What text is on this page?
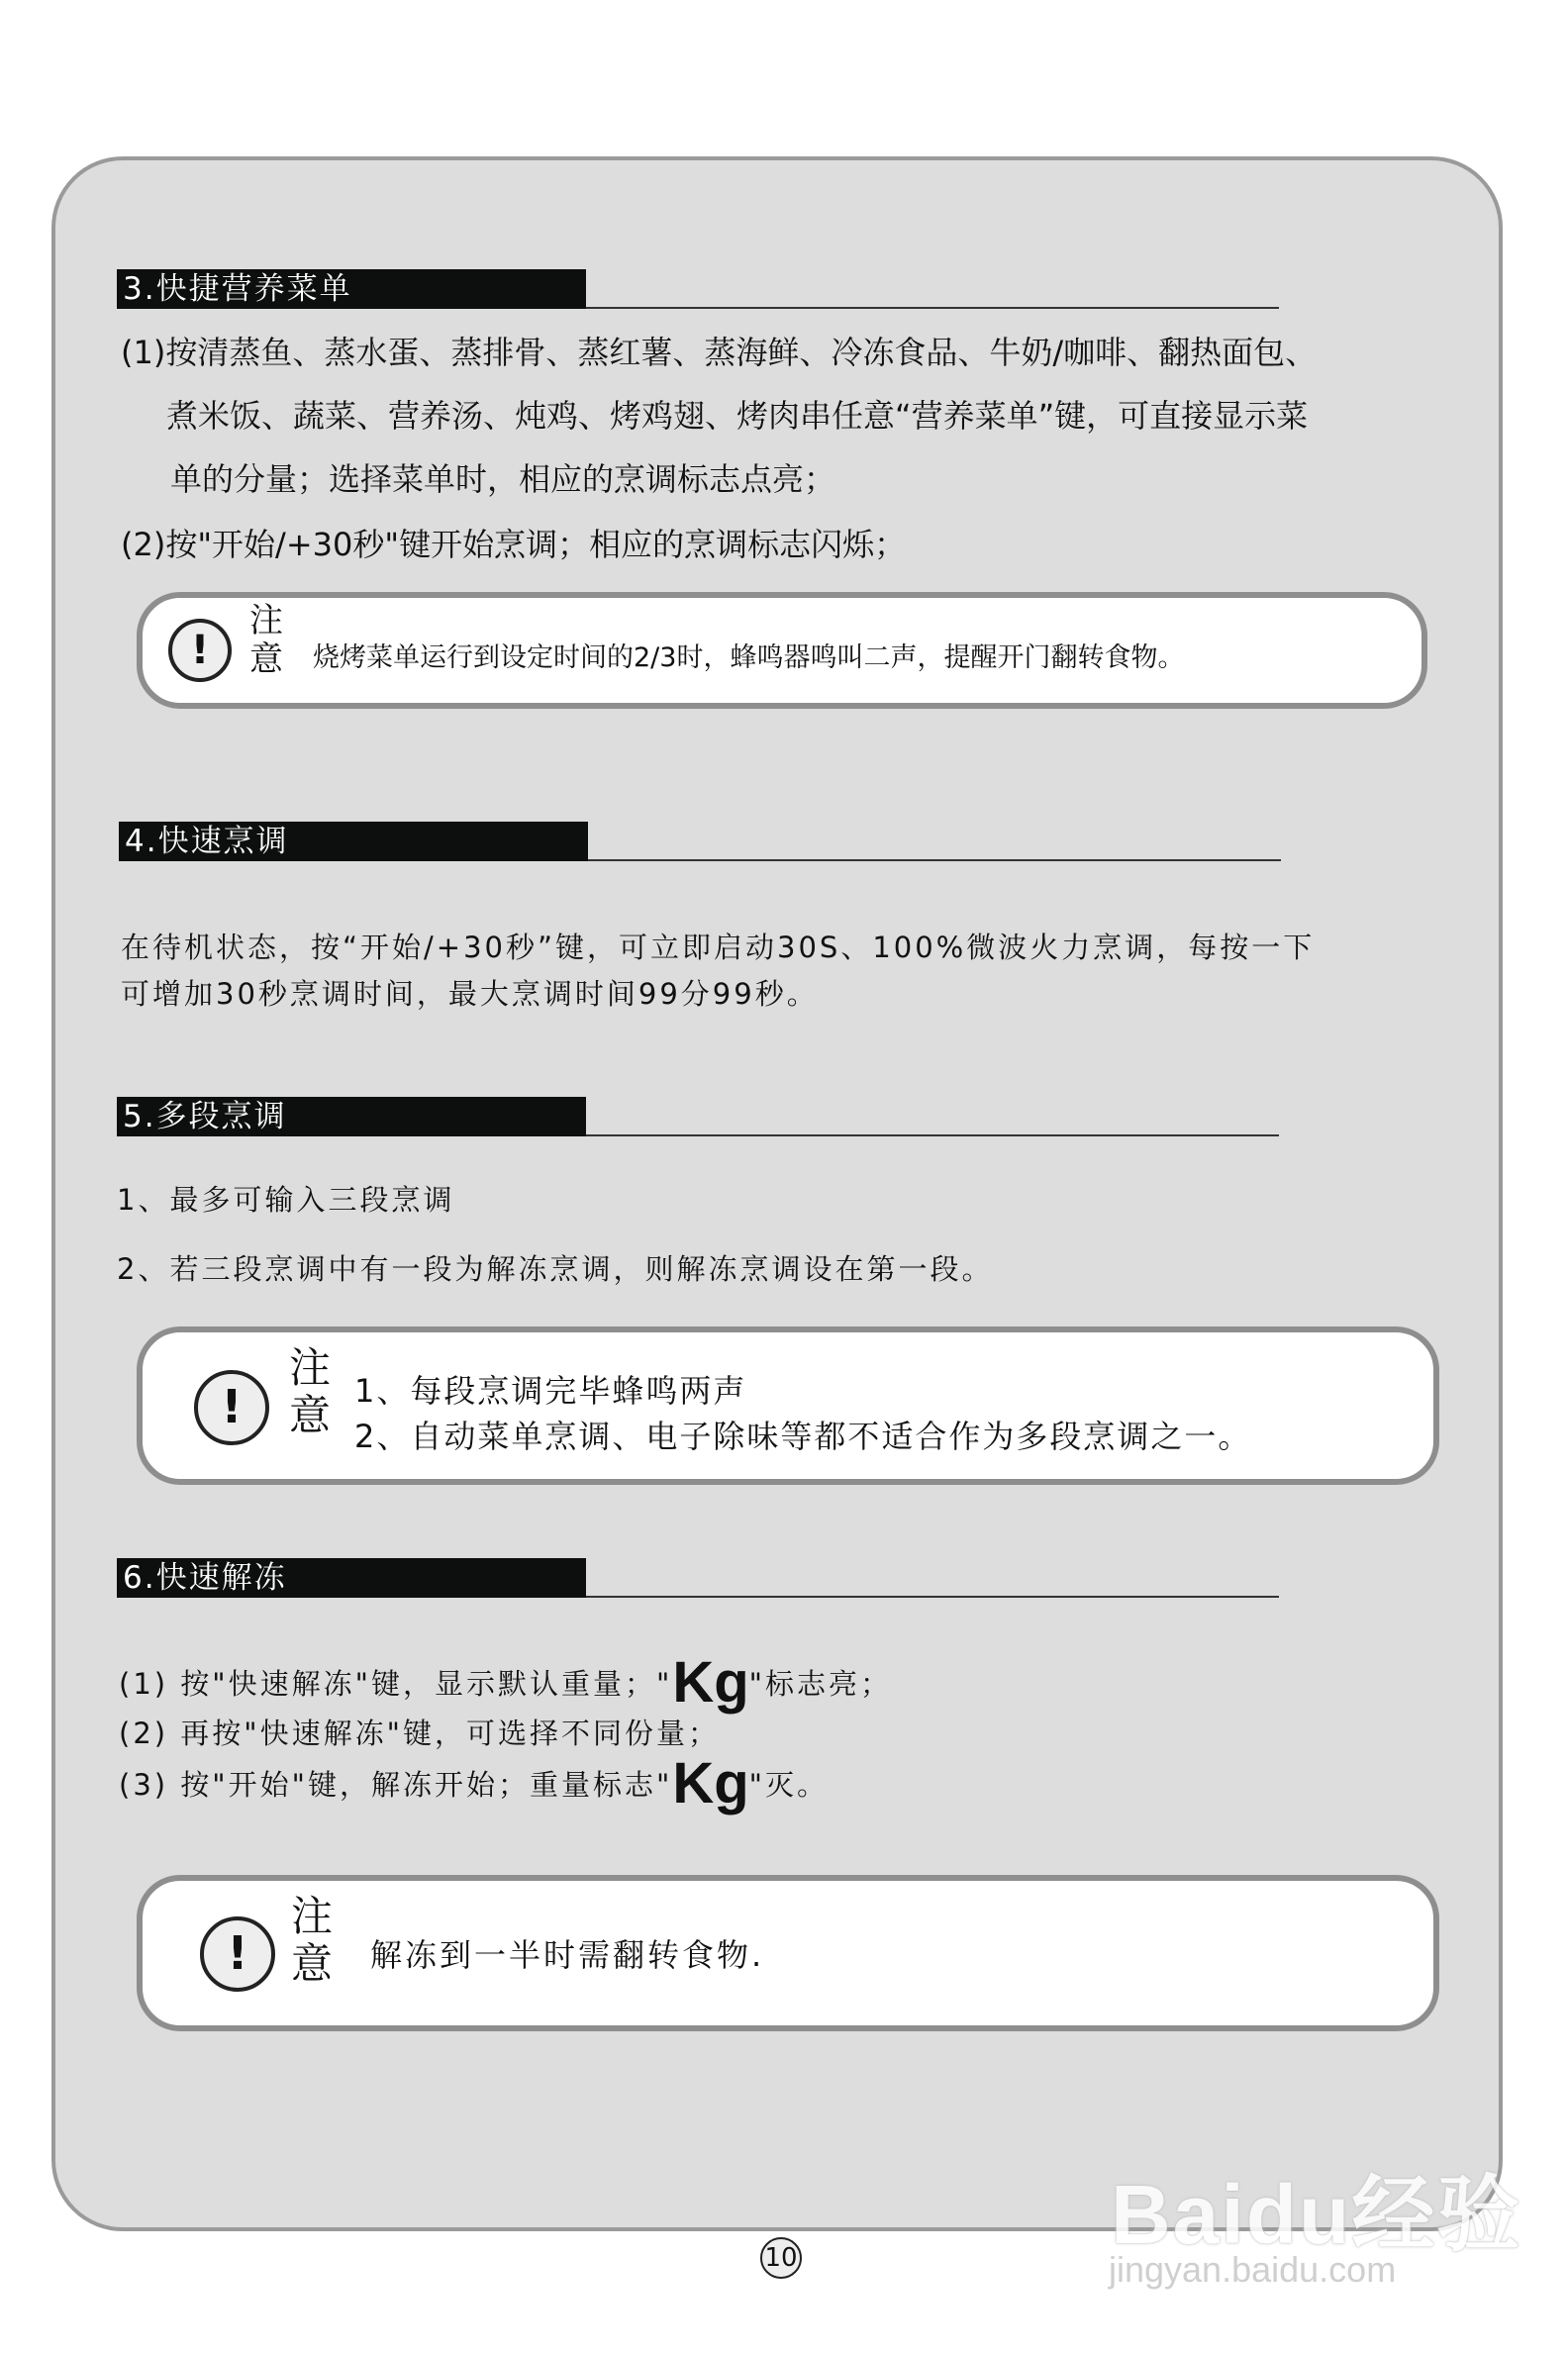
3.快捷营养菜单
(1)按清蒸鱼、蒸水蛋、蒸排骨、蒸红薯、蒸海鲜、冷冻食品、牛奶/咖啡、翻热面包、
煮米饭、蔬菜、营养汤、炖鸡、烤鸡翅、烤肉串任意“营养菜单”键，可直接显示菜
单的分量；选择菜单时，相应的烹调标志点亮；
(2)按"开始/+30秒"键开始烹调；相应的烹调标志闪烁；
!
注
意 烧烤菜单运行到设定时间的2/3时，蜂鸣器鸣叫二声，提醒开门翻转食物。
4.快速烹调
在待机状态，按“开始/+30秒”键，可立即启动30S、100%微波火力烹调，每按一下
可增加30秒烹调时间，最大烹调时间99分99秒。
5.多段烹调
1、最多可输入三段烹调
2、若三段烹调中有一段为解冻烹调，则解冻烹调设在第一段。
!
注
意
1、每段烹调完毕蜂鸣两声
2、自动菜单烹调、电子除味等都不适合作为多段烹调之一。
6.快速解冻
(1) 按"快速解冻"键，显示默认重量；"Kg"标志亮；
(2) 再按"快速解冻"键，可选择不同份量；
(3) 按"开始"键，解冻开始；重量标志"Kg"灭。
!
注
意 解冻到一半时需翻转食物.
10	Baidu经验
jingyan.baidu.com
